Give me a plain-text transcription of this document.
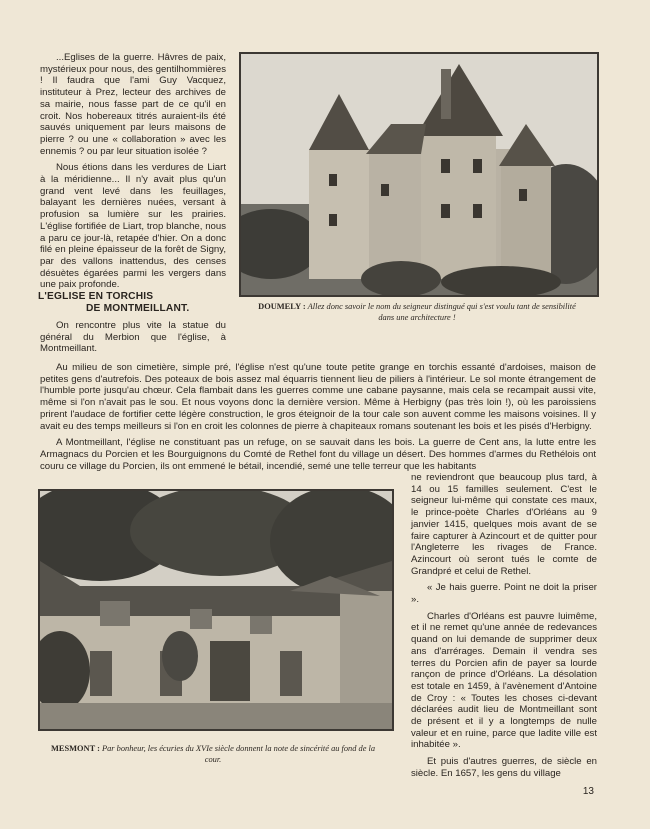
...Eglises de la guerre. Hâvres de paix, mystérieux pour nous, des gentilhommières ! Il faudra que l'ami Guy Vacquez, instituteur à Prez, lecteur des archives de sa mairie, nous fasse part de ce qu'il en croit. Nos hobereaux titrés auraient-ils été sauvés uniquement par leurs maisons de pierre ? ou une « collaboration » avec les ennemis ? ou par leur situation isolée ?

Nous étions dans les verdures de Liart à la méridienne... Il n'y avait plus qu'un grand vent levé dans les feuillages, balayant les dernières nuées, versant à profusion sa lumière sur les prairies. L'église fortifiée de Liart, trop blanche, nous a paru ce jour-là, retapée d'hier. On a donc filé en pleine épaisseur de la forêt de Signy, par des vallons inattendus, des censes désuètes égarées parmi les vergers dans une paix profonde.

L'EGLISE EN TORCHIS
DE MONTMEILLANT.

On rencontre plus vite la statue du général du Merbion que l'église, à Montmeillant.

DOUMELY : Allez donc savoir le nom du seigneur distingué qui s'est voulu tant de sensibilité dans une architecture !

Au milieu de son cimetière, simple pré, l'église n'est qu'une toute petite grange en torchis essanté d'ardoises, maison de petites gens d'autrefois. Des poteaux de bois assez mal équarris tiennent lieu de piliers à l'intérieur. Le sol monte étrangement de l'humble porte jusqu'au chœur. Cela flambait dans les guerres comme une cabane paysanne, mais cela se recampait aussi vite, même si l'on n'avait pas le sou. Et nous voyons donc la dernière version. Même à Herbigny (pas très loin !), où les paroissiens prirent l'audace de fortifier cette légère construction, le gros éteignoir de la tour cale son auvent comme les maisons voisines. Il y avait eu des temps meilleurs si l'on en croit les colonnes de pierre à chapiteaux romans soutenant les bois et les pisés d'Herbigny.

A Montmeillant, l'église ne constituant pas un refuge, on se sauvait dans les bois. La guerre de Cent ans, la lutte entre les Armagnacs du Porcien et les Bourguignons du Comté de Rethel font du village un désert. Des hommes d'armes du Rethélois ont couru ce village du Porcien, ils ont emmené le bétail, incendié, semé une telle terreur que les habitants

MESMONT : Par bonheur, les écuries du XVIe siècle donnent la note de sincérité au fond de la cour.

ne reviendront que beaucoup plus tard, à 14 ou 15 familles seulement. C'est le seigneur lui-même qui constate ces maux, le prince-poète Charles d'Orléans au 9 janvier 1415, quelques mois avant de se faire capturer à Azincourt et de quitter pour l'Angleterre les rivages de France. Azincourt où seront tués le comte de Grandpré et celui de Rethel.

« Je hais guerre. Point ne doit la priser ».

Charles d'Orléans est pauvre luimême, et il ne remet qu'une année de redevances quand on lui demande de supprimer deux ans d'arrérages. Demain il vendra ses terres du Porcien afin de payer sa lourde rançon de prince d'Orléans. La désolation est totale en 1459, à l'avènement d'Antoine de Croy : « Toutes les choses ci-devant déclarées audit lieu de Montmeillant sont de présent et il y a longtemps de nulle valeur et en ruine, parce que ladite ville est inhabitée ».

Et puis d'autres guerres, de siècle en siècle. En 1657, les gens du village

13
